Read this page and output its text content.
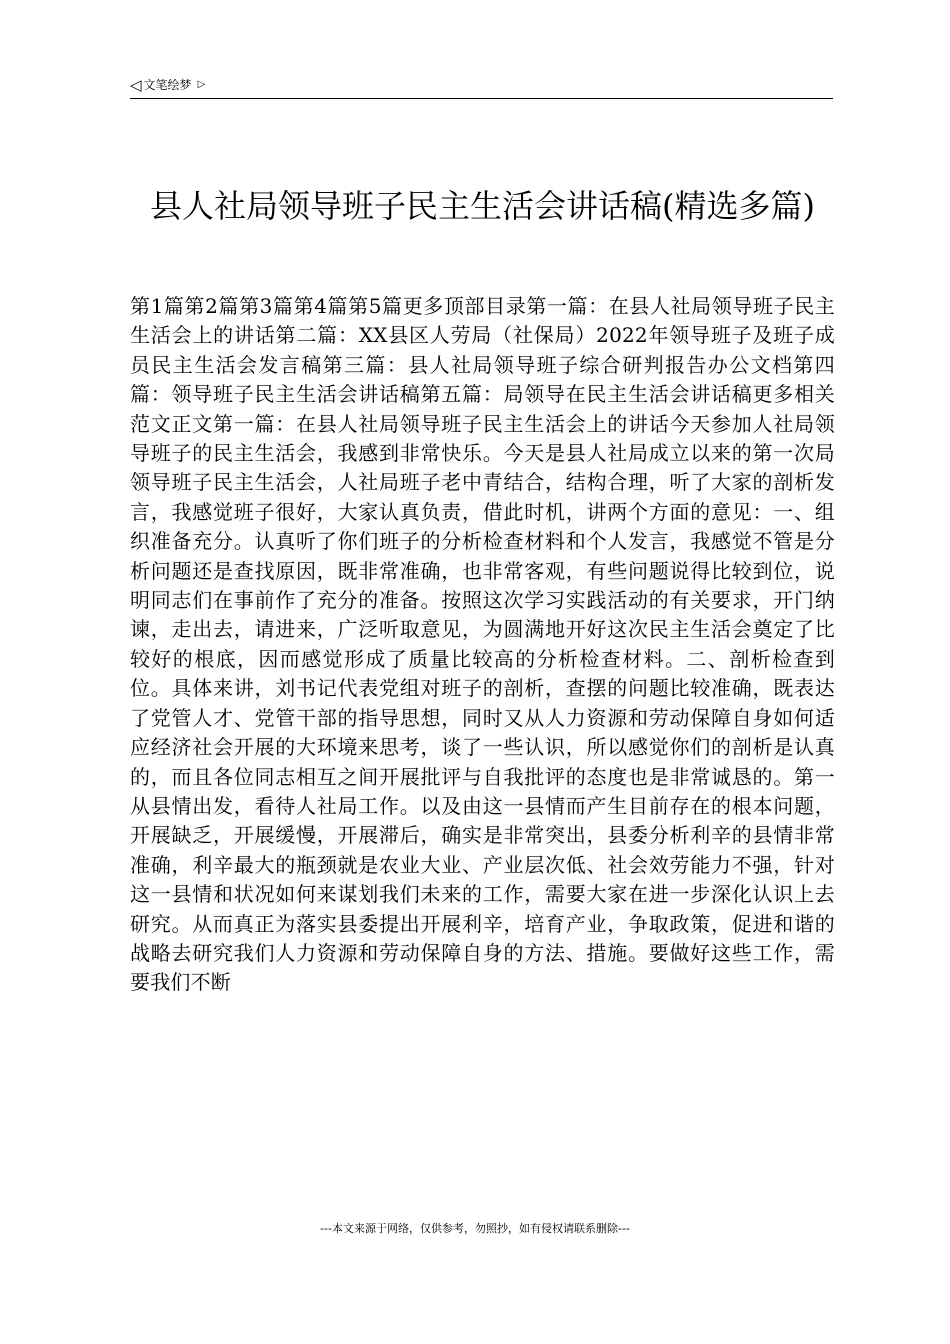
◁ 文笔绘梦 ▷
县人社局领导班子民主生活会讲话稿(精选多篇)
第1篇第2篇第3篇第4篇第5篇更多顶部目录第一篇：在县人社局领导班子民主生活会上的讲话第二篇：XX县区人劳局（社保局）2022年领导班子及班子成员民主生活会发言稿第三篇：县人社局领导班子综合研判报告办公文档第四篇：领导班子民主生活会讲话稿第五篇：局领导在民主生活会讲话稿更多相关范文正文第一篇：在县人社局领导班子民主生活会上的讲话今天参加人社局领导班子的民主生活会，我感到非常快乐。今天是县人社局成立以来的第一次局领导班子民主生活会，人社局班子老中青结合，结构合理，听了大家的剖析发言，我感觉班子很好，大家认真负责，借此时机，讲两个方面的意见：一、组织准备充分。认真听了你们班子的分析检查材料和个人发言，我感觉不管是分析问题还是查找原因，既非常准确，也非常客观，有些问题说得比较到位，说明同志们在事前作了充分的准备。按照这次学习实践活动的有关要求，开门纳谏，走出去，请进来，广泛听取意见，为圆满地开好这次民主生活会奠定了比较好的根底，因而感觉形成了质量比较高的分析检查材料。二、剖析检查到位。具体来讲，刘书记代表党组对班子的剖析，查摆的问题比较准确，既表达了党管人才、党管干部的指导思想，同时又从人力资源和劳动保障自身如何适应经济社会开展的大环境来思考，谈了一些认识，所以感觉你们的剖析是认真的，而且各位同志相互之间开展批评与自我批评的态度也是非常诚恳的。第一从县情出发，看待人社局工作。以及由这一县情而产生目前存在的根本问题，开展缺乏，开展缓慢，开展滞后，确实是非常突出，县委分析利辛的县情非常准确，利辛最大的瓶颈就是农业大业、产业层次低、社会效劳能力不强，针对这一县情和状况如何来谋划我们未来的工作，需要大家在进一步深化认识上去研究。从而真正为落实县委提出开展利辛，培育产业，争取政策，促进和谐的战略去研究我们人力资源和劳动保障自身的方法、措施。要做好这些工作，需要我们不断
---本文来源于网络，仅供参考，勿照抄，如有侵权请联系删除---
